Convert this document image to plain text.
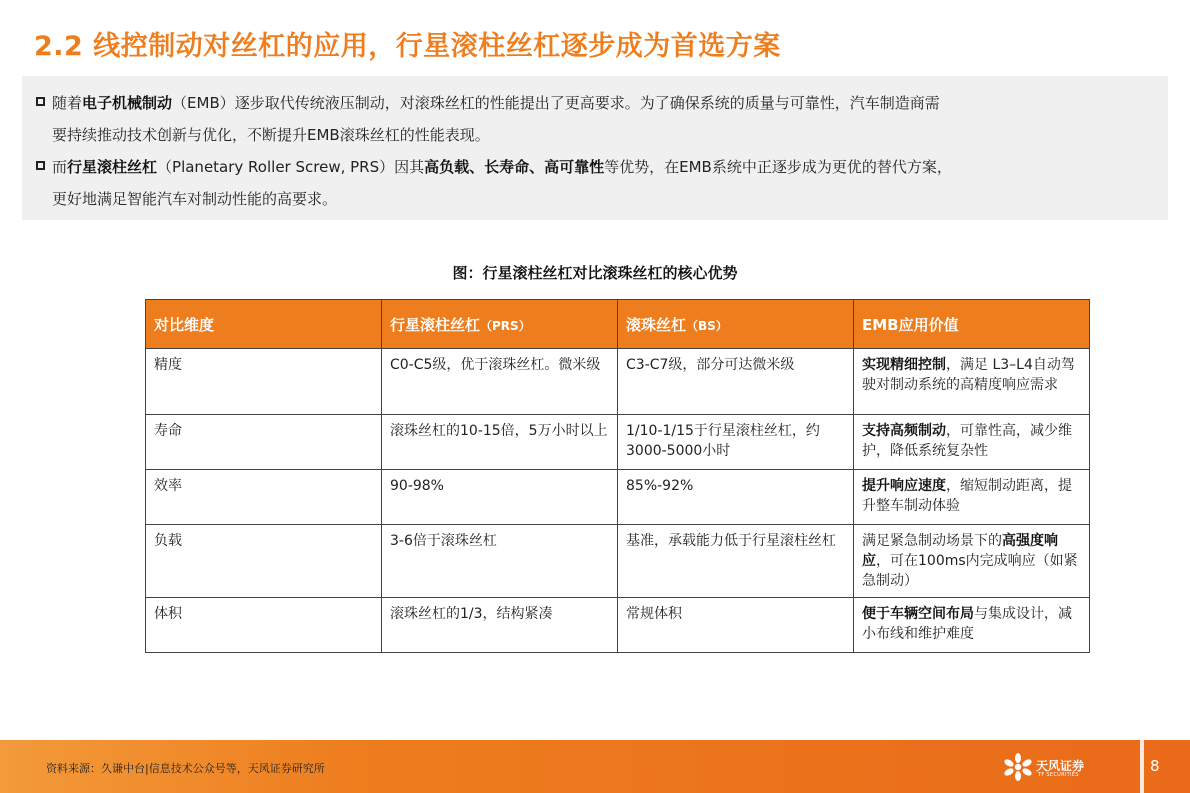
2.2 线控制动对丝杠的应用，行星滚柱丝杠逐步成为首选方案
随着电子机械制动（EMB）逐步取代传统液压制动，对滚珠丝杠的性能提出了更高要求。为了确保系统的质量与可靠性，汽车制造商需
要持续推动技术创新与优化，不断提升EMB滚珠丝杠的性能表现。
而行星滚柱丝杠（Planetary Roller Screw, PRS）因其高负载、长寿命、高可靠性等优势，在EMB系统中正逐步成为更优的替代方案，
更好地满足智能汽车对制动性能的高要求。
图：行星滚柱丝杠对比滚珠丝杠的核心优势
对比维度	行星滚柱丝杠（PRS）	滚珠丝杠（BS）	EMB应用价值
精度	C0-C5级，优于滚珠丝杠。微米级	C3-C7级，部分可达微米级	实现精细控制，满足 L3–L4自动驾驶对制动系统的高精度响应需求
寿命	滚珠丝杠的10-15倍，5万小时以上	1/10-1/15于行星滚柱丝杠，约3000-5000小时	支持高频制动，可靠性高，减少维护，降低系统复杂性
效率	90-98%	85%-92%	提升响应速度，缩短制动距离，提升整车制动体验
负载	3-6倍于滚珠丝杠	基准，承载能力低于行星滚柱丝杠	满足紧急制动场景下的高强度响应，可在100ms内完成响应（如紧急制动）
体积	滚珠丝杠的1/3，结构紧凑	常规体积	便于车辆空间布局与集成设计，减小布线和维护难度
资料来源：久谦中台|信息技术公众号等，天风证券研究所	天风证券
TF SECURITIES	8
